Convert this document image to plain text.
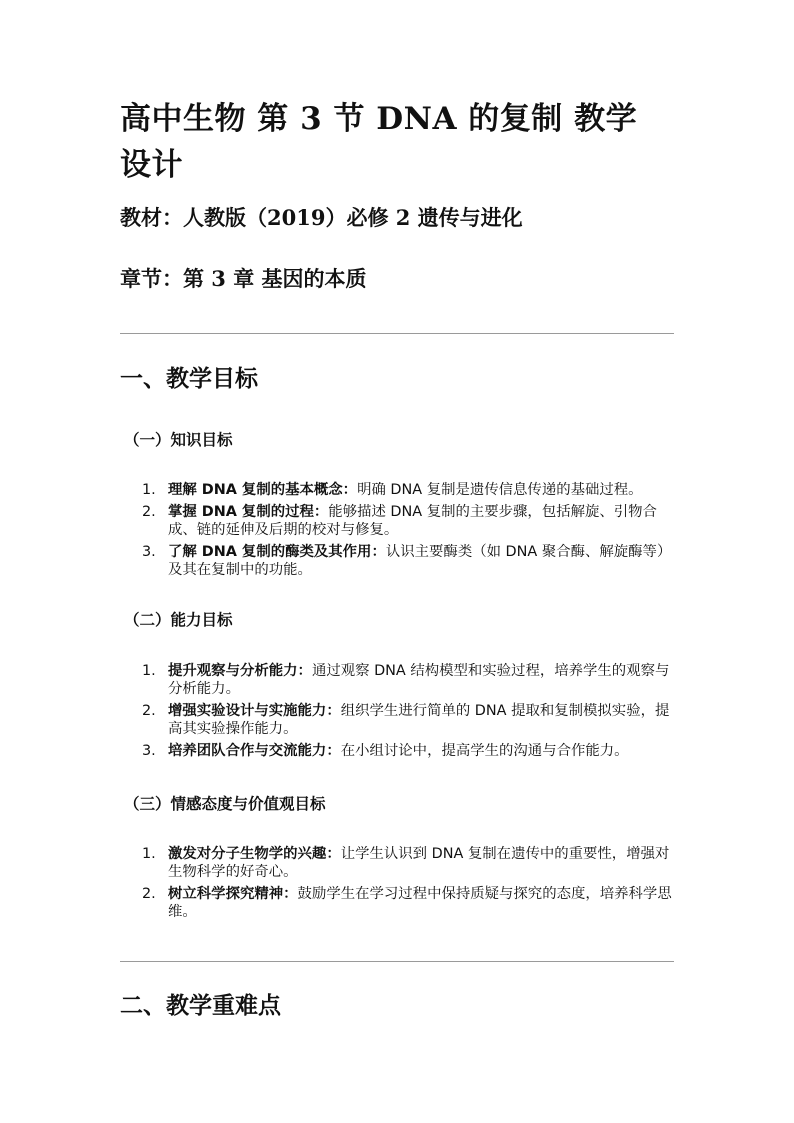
高中生物 第 3 节 DNA 的复制 教学设计

教材：人教版（2019）必修 2 遗传与进化

章节：第 3 章 基因的本质

一、教学目标
（一）知识目标
1. 理解 DNA 复制的基本概念：明确 DNA 复制是遗传信息传递的基础过程。
2. 掌握 DNA 复制的过程：能够描述 DNA 复制的主要步骤，包括解旋、引物合成、链的延伸及后期的校对与修复。
3. 了解 DNA 复制的酶类及其作用：认识主要酶类（如 DNA 聚合酶、解旋酶等）及其在复制中的功能。
（二）能力目标
1. 提升观察与分析能力：通过观察 DNA 结构模型和实验过程，培养学生的观察与分析能力。
2. 增强实验设计与实施能力：组织学生进行简单的 DNA 提取和复制模拟实验，提高其实验操作能力。
3. 培养团队合作与交流能力：在小组讨论中，提高学生的沟通与合作能力。
（三）情感态度与价值观目标
1. 激发对分子生物学的兴趣：让学生认识到 DNA 复制在遗传中的重要性，增强对生物科学的好奇心。
2. 树立科学探究精神：鼓励学生在学习过程中保持质疑与探究的态度，培养科学思维。
二、教学重难点
